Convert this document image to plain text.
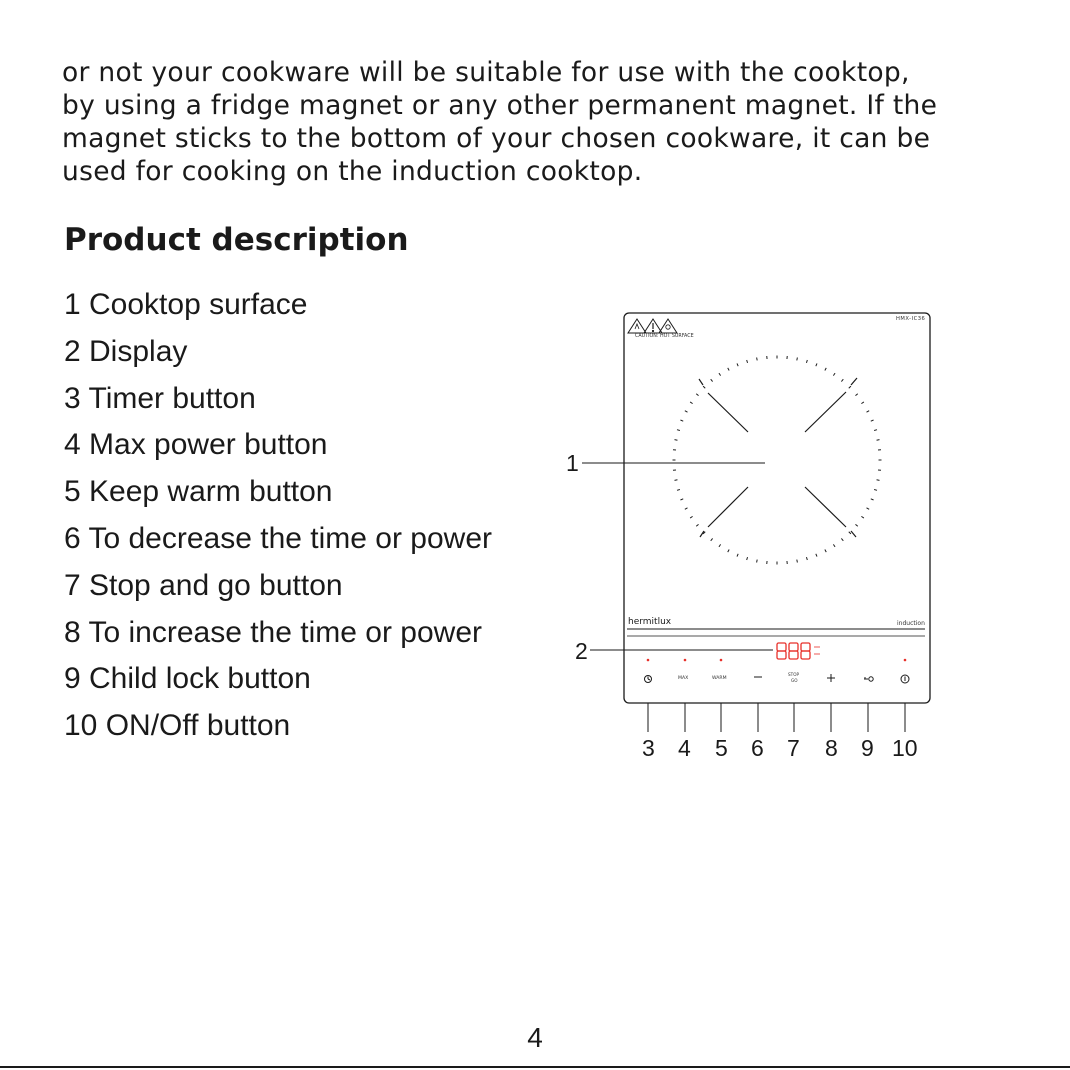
or not your cookware will be suitable for use with the cooktop,
by using a fridge magnet or any other permanent magnet. If the
magnet sticks to the bottom of your chosen cookware, it can be
used for cooking on the induction cooktop.
Product description
1 Cooktop surface
2 Display
3 Timer button
4 Max power button
5 Keep warm button
6 To decrease the time or power
7 Stop and go button
8 To increase the time or power
9 Child lock button
10 ON/Off button
CAUTION: HOT SURFACE
HMX-IC36
hermitlux	induction
MAX	WARM
STOP
GO
1
2
3 4 5 6 7 8 9 10
4
